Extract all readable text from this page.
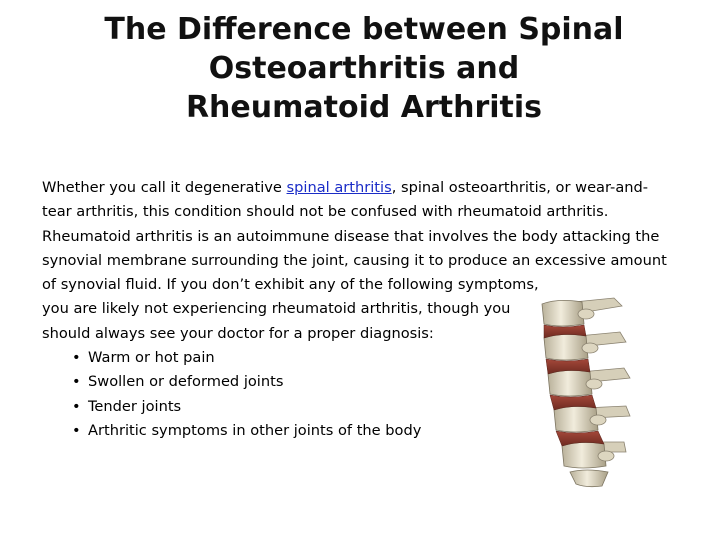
The Difference between Spinal
Osteoarthritis and
Rheumatoid Arthritis
Whether you call it degenerative spinal arthritis, spinal osteoarthritis, or wear-and-
tear arthritis, this condition should not be confused with rheumatoid arthritis.
Rheumatoid arthritis is an autoimmune disease that involves the body attacking the
synovial membrane surrounding the joint, causing it to produce an excessive amount
of synovial fluid. If you don’t exhibit any of the following symptoms,
you are likely not experiencing rheumatoid arthritis, though you
should always see your doctor for a proper diagnosis:
• Warm or hot pain
• Swollen or deformed joints
• Tender joints
• Arthritic symptoms in other joints of the body
